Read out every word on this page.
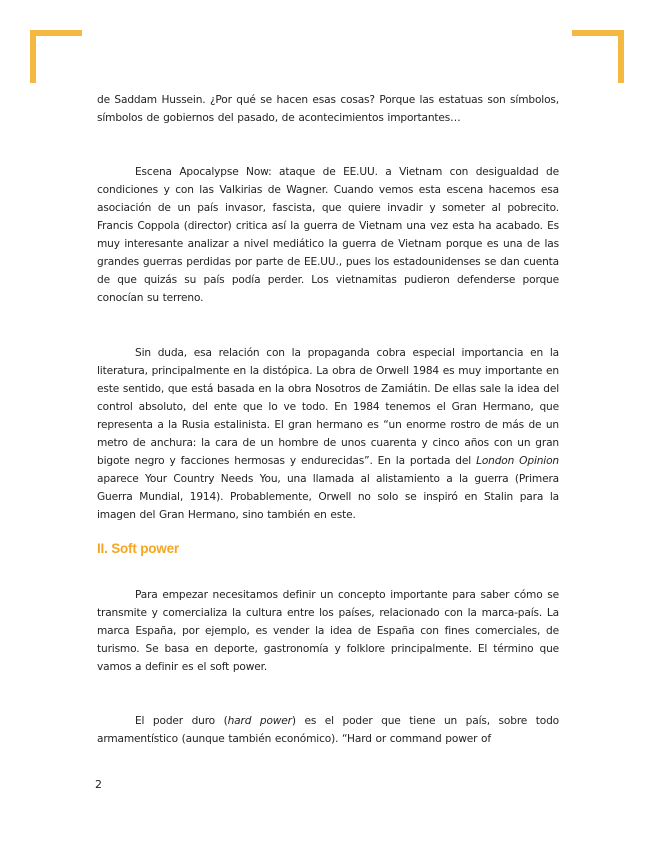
de Saddam Hussein. ¿Por qué se hacen esas cosas? Porque las estatuas son símbolos, símbolos de gobiernos del pasado, de acontecimientos importantes…

Escena Apocalypse Now: ataque de EE.UU. a Vietnam con desigualdad de condiciones y con las Valkirias de Wagner. Cuando vemos esta escena hacemos esa asociación de un país invasor, fascista, que quiere invadir y someter al pobrecito. Francis Coppola (director) critica así la guerra de Vietnam una vez esta ha acabado. Es muy interesante analizar a nivel mediático la guerra de Vietnam porque es una de las grandes guerras perdidas por parte de EE.UU., pues los estadounidenses se dan cuenta de que quizás su país podía perder. Los vietnamitas pudieron defenderse porque conocían su terreno.

Sin duda, esa relación con la propaganda cobra especial importancia en la literatura, principalmente en la distópica. La obra de Orwell 1984 es muy importante en este sentido, que está basada en la obra Nosotros de Zamiátin. De ellas sale la idea del control absoluto, del ente que lo ve todo. En 1984 tenemos el Gran Hermano, que representa a la Rusia estalinista. El gran hermano es “un enorme rostro de más de un metro de anchura: la cara de un hombre de unos cuarenta y cinco años con un gran bigote negro y facciones hermosas y endurecidas”. En la portada del London Opinion aparece Your Country Needs You, una llamada al alistamiento a la guerra (Primera Guerra Mundial, 1914). Probablemente, Orwell no solo se inspiró en Stalin para la imagen del Gran Hermano, sino también en este.

II. Soft power

Para empezar necesitamos definir un concepto importante para saber cómo se transmite y comercializa la cultura entre los países, relacionado con la marca-país. La marca España, por ejemplo, es vender la idea de España con fines comerciales, de turismo. Se basa en deporte, gastronomía y folklore principalmente. El término que vamos a definir es el soft power.

El poder duro (hard power) es el poder que tiene un país, sobre todo armamentístico (aunque también económico). “Hard or command power of

2
